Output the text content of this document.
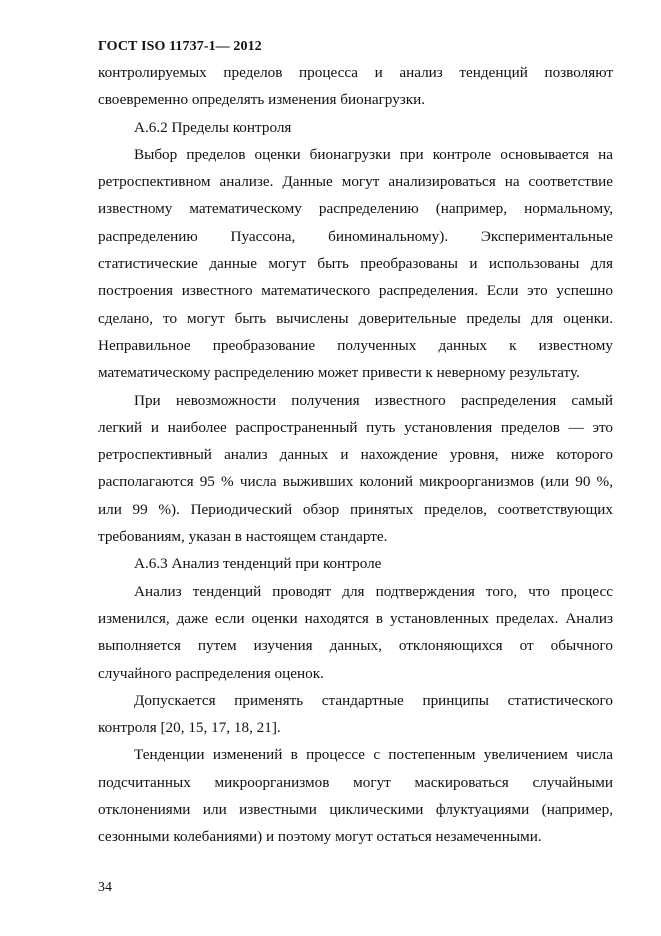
ГОСТ ISO 11737-1— 2012
контролируемых пределов процесса и анализ тенденций позволяют
своевременно определять изменения бионагрузки.
А.6.2 Пределы контроля
Выбор пределов оценки бионагрузки при контроле основывается на
ретроспективном анализе. Данные могут анализироваться на соответствие
известному математическому распределению (например, нормальному,
распределению Пуассона, биноминальному). Экспериментальные
статистические данные могут быть преобразованы и использованы для
построения известного математического распределения. Если это успешно
сделано, то могут быть вычислены доверительные пределы для оценки.
Неправильное преобразование полученных данных к известному
математическому распределению может привести к неверному результату.
При невозможности получения известного распределения самый
легкий и наиболее распространенный путь установления пределов — это
ретроспективный анализ данных и нахождение уровня, ниже которого
располагаются 95 % числа выживших колоний микроорганизмов (или 90 %,
или 99 %). Периодический обзор принятых пределов, соответствующих
требованиям, указан в настоящем стандарте.
А.6.3 Анализ тенденций при контроле
Анализ тенденций проводят для подтверждения того, что процесс
изменился, даже если оценки находятся в установленных пределах. Анализ
выполняется путем изучения данных, отклоняющихся от обычного
случайного распределения оценок.
Допускается применять стандартные принципы статистического
контроля [20, 15, 17, 18, 21].
Тенденции изменений в процессе с постепенным увеличением числа
подсчитанных микроорганизмов могут маскироваться случайными
отклонениями или известными циклическими флуктуациями (например,
сезонными колебаниями) и поэтому могут остаться незамеченными.
34
